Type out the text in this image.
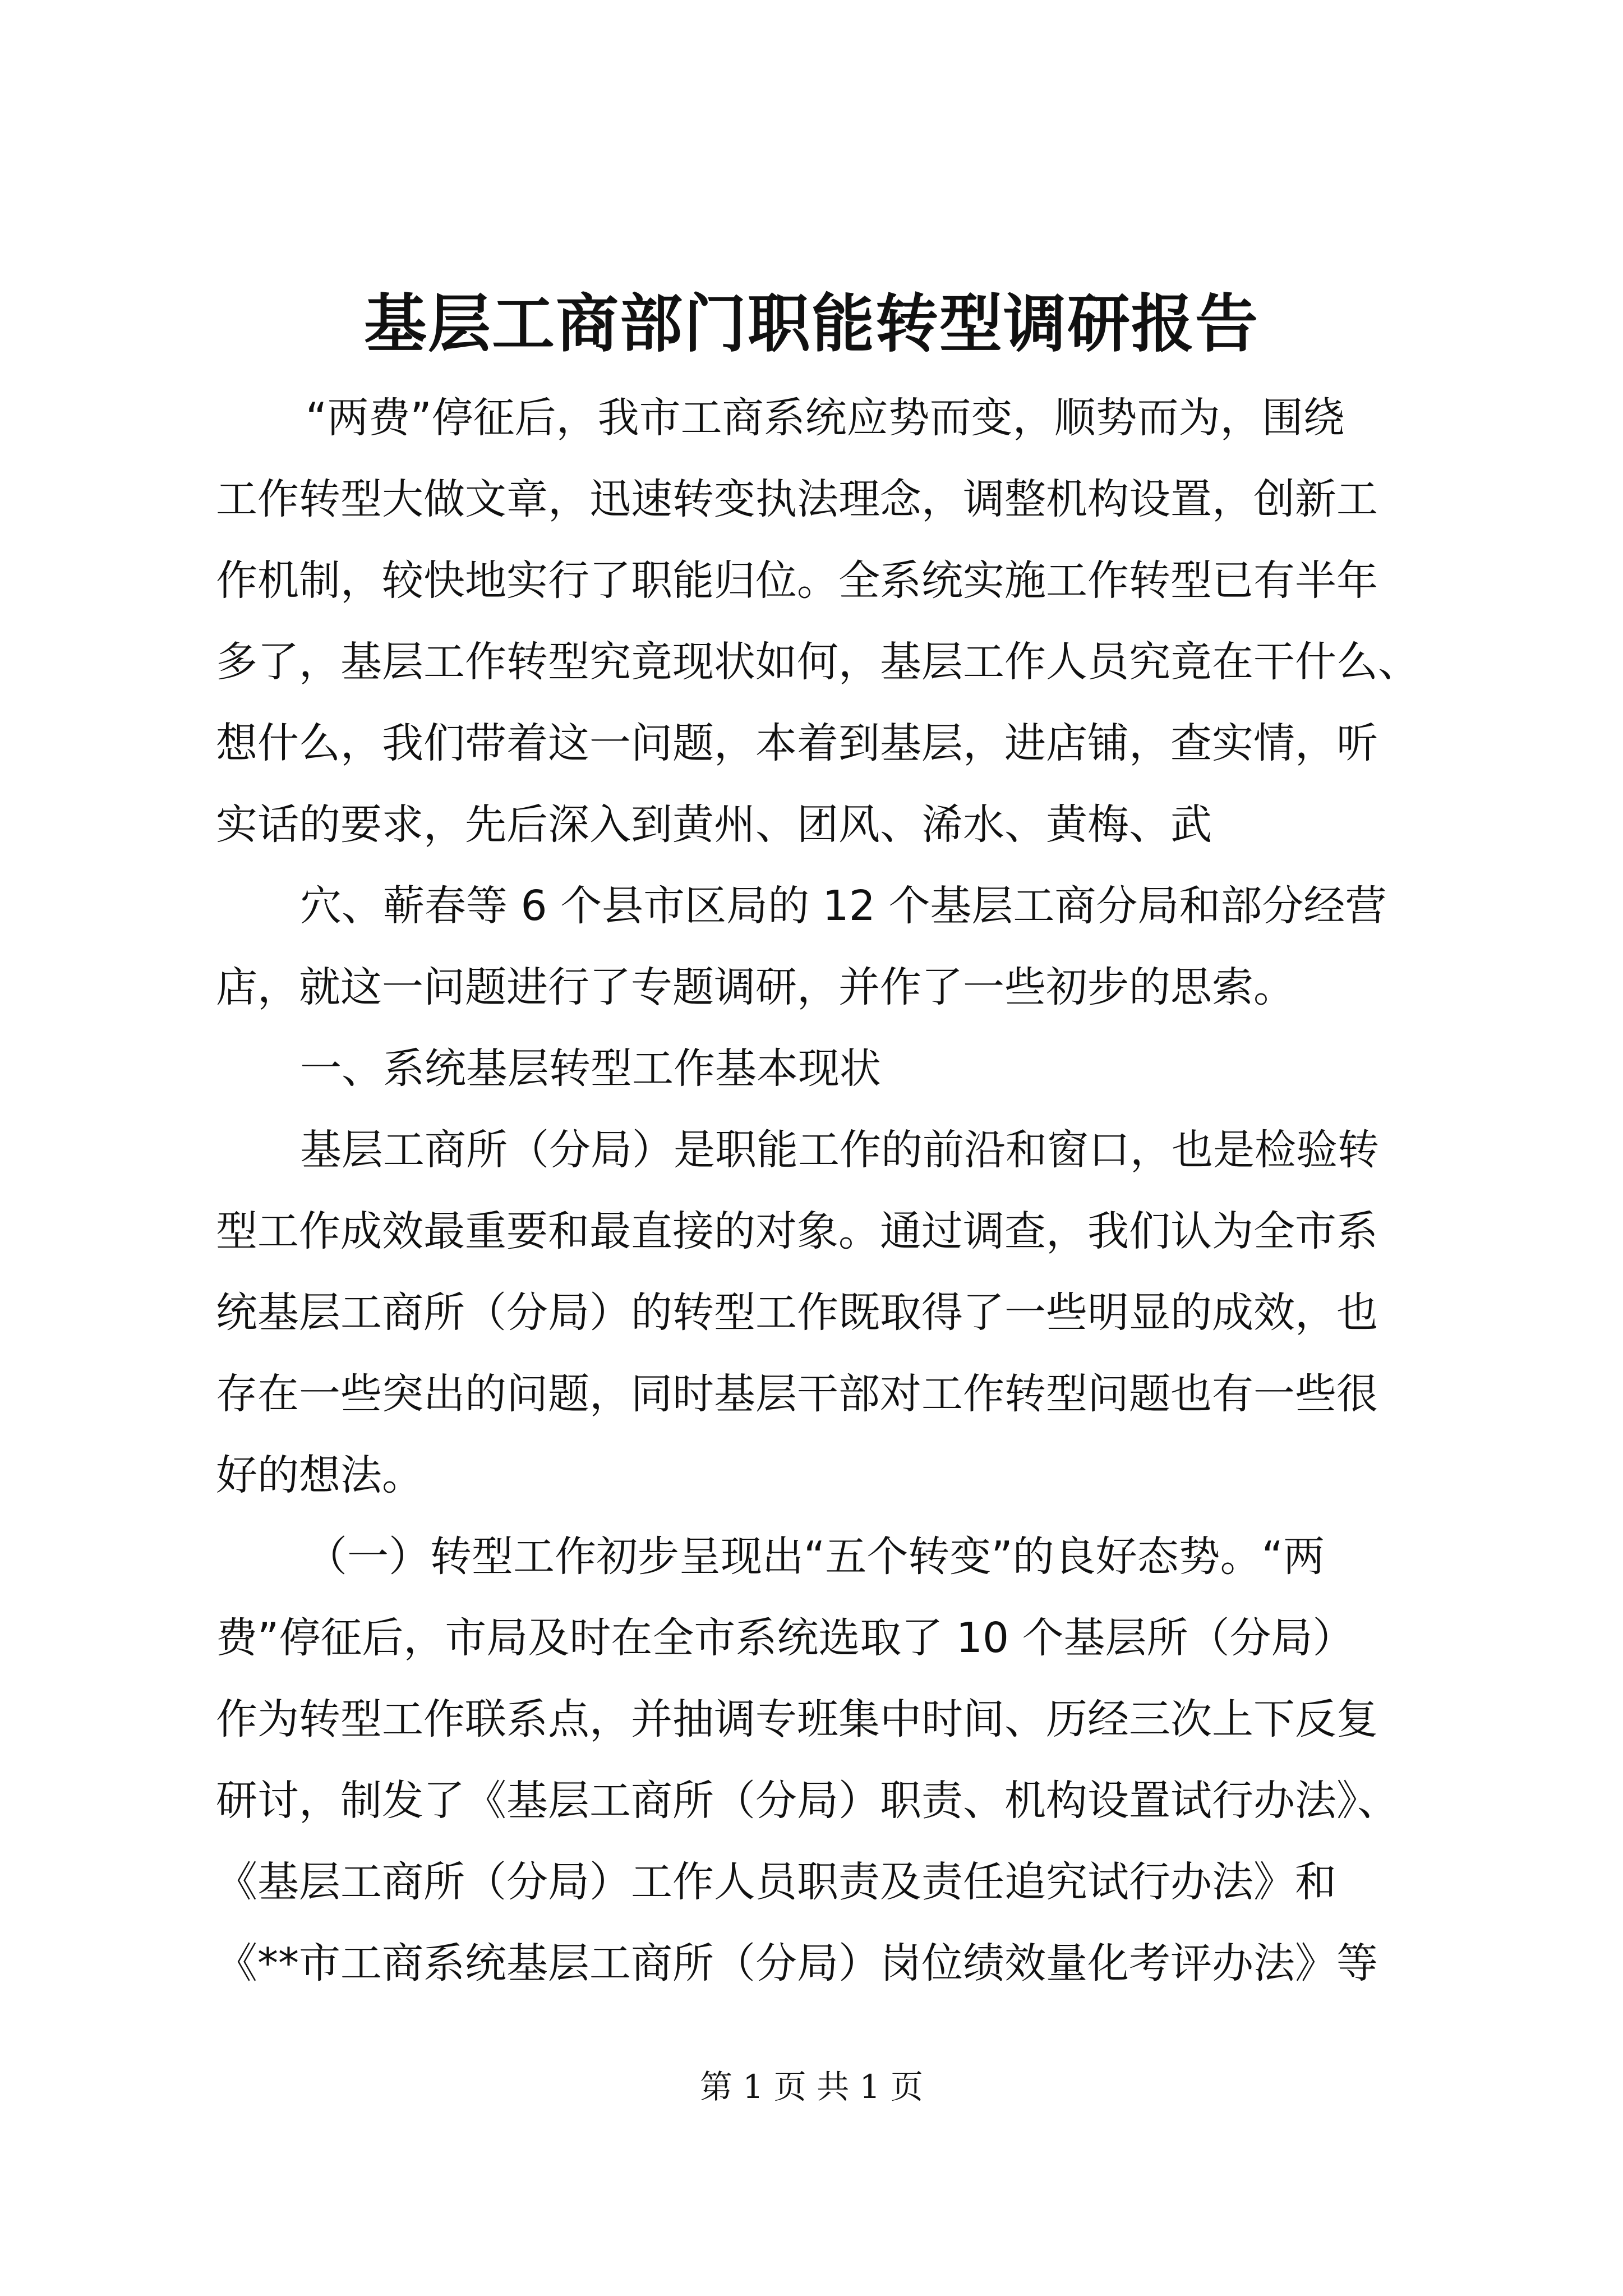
基层工商部门职能转型调研报告
“两费”停征后，我市工商系统应势而变，顺势而为，围绕
工作转型大做文章，迅速转变执法理念，调整机构设置，创新工
作机制，较快地实行了职能归位。全系统实施工作转型已有半年
多了，基层工作转型究竟现状如何，基层工作人员究竟在干什么、
想什么，我们带着这一问题，本着到基层，进店铺，查实情，听
实话的要求，先后深入到黄州、团风、浠水、黄梅、武
穴、蕲春等 6 个县市区局的 12 个基层工商分局和部分经营
店，就这一问题进行了专题调研，并作了一些初步的思索。
一、系统基层转型工作基本现状
基层工商所（分局）是职能工作的前沿和窗口，也是检验转
型工作成效最重要和最直接的对象。通过调查，我们认为全市系
统基层工商所（分局）的转型工作既取得了一些明显的成效，也
存在一些突出的问题，同时基层干部对工作转型问题也有一些很
好的想法。
（一）转型工作初步呈现出“五个转变”的良好态势。“两
费”停征后，市局及时在全市系统选取了 10 个基层所（分局）
作为转型工作联系点，并抽调专班集中时间、历经三次上下反复
研讨，制发了《基层工商所（分局）职责、机构设置试行办法》、
《基层工商所（分局）工作人员职责及责任追究试行办法》和
《**市工商系统基层工商所（分局）岗位绩效量化考评办法》等
第 1 页 共 1 页
